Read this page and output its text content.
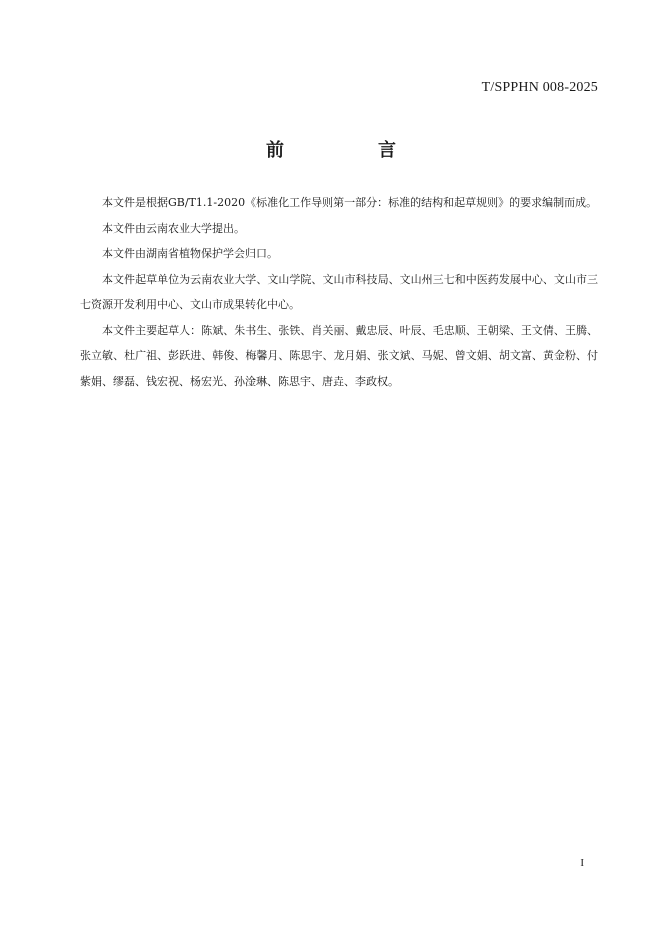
T/SPPHN 008-2025
前　言

本文件是根据GB/T1.1-2020《标准化工作导则第一部分：标准的结构和起草规则》的要求编制而成。

本文件由云南农业大学提出。

本文件由湖南省植物保护学会归口。

本文件起草单位为云南农业大学、文山学院、文山市科技局、文山州三七和中医药发展中心、文山市三七资源开发利用中心、文山市成果转化中心。

本文件主要起草人：陈斌、朱书生、张铁、肖关丽、戴忠辰、叶辰、毛忠顺、王朝梁、王文倩、王腾、张立敏、杜广祖、彭跃进、韩俊、梅馨月、陈思宇、龙月娟、张文斌、马妮、曾文娟、胡文富、黄金粉、付紫娟、缪磊、钱宏祝、杨宏光、孙淦琳、陈思宇、唐垚、李政权。

I
